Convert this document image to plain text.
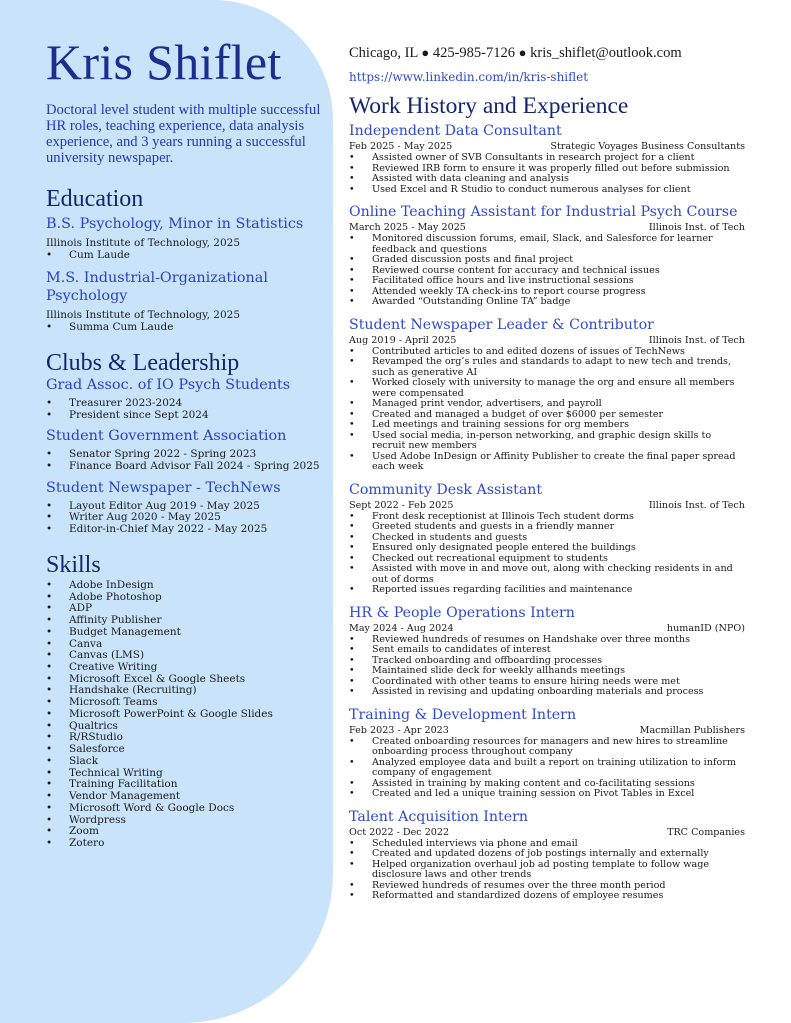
Kris Shiflet
Doctoral level student with multiple successful HR roles, teaching experience, data analysis experience, and 3 years running a successful university newspaper.
Education
B.S. Psychology, Minor in Statistics
Illinois Institute of Technology, 2025
• Cum Laude
M.S. Industrial-Organizational Psychology
Illinois Institute of Technology, 2025
• Summa Cum Laude
Clubs & Leadership
Grad Assoc. of IO Psych Students
• Treasurer 2023-2024
• President since Sept 2024
Student Government Association
• Senator Spring 2022 - Spring 2023
• Finance Board Advisor Fall 2024 - Spring 2025
Student Newspaper - TechNews
• Layout Editor Aug 2019 - May 2025
• Writer Aug 2020 - May 2025
• Editor-in-Chief May 2022 - May 2025
Skills
• Adobe InDesign
• Adobe Photoshop
• ADP
• Affinity Publisher
• Budget Management
• Canva
• Canvas (LMS)
• Creative Writing
• Microsoft Excel & Google Sheets
• Handshake (Recruiting)
• Microsoft Teams
• Microsoft PowerPoint & Google Slides
• Qualtrics
• R/RStudio
• Salesforce
• Slack
• Technical Writing
• Training Facilitation
• Vendor Management
• Microsoft Word & Google Docs
• Wordpress
• Zoom
• Zotero
Chicago, IL ● 425-985-7126 ● kris_shiflet@outlook.com
https://www.linkedin.com/in/kris-shiflet
Work History and Experience
Independent Data Consultant
Feb 2025 - May 2025	Strategic Voyages Business Consultants
• Assisted owner of SVB Consultants in research project for a client
• Reviewed IRB form to ensure it was properly filled out before submission
• Assisted with data cleaning and analysis
• Used Excel and R Studio to conduct numerous analyses for client
Online Teaching Assistant for Industrial Psych Course
March 2025 - May 2025	Illinois Inst. of Tech
• Monitored discussion forums, email, Slack, and Salesforce for learner feedback and questions
• Graded discussion posts and final project
• Reviewed course content for accuracy and technical issues
• Facilitated office hours and live instructional sessions
• Attended weekly TA check-ins to report course progress
• Awarded “Outstanding Online TA” badge
Student Newspaper Leader & Contributor
Aug 2019 - April 2025	Illinois Inst. of Tech
• Contributed articles to and edited dozens of issues of TechNews
• Revamped the org’s rules and standards to adapt to new tech and trends, such as generative AI
• Worked closely with university to manage the org and ensure all members were compensated
• Managed print vendor, advertisers, and payroll
• Created and managed a budget of over $6000 per semester
• Led meetings and training sessions for org members
• Used social media, in-person networking, and graphic design skills to recruit new members
• Used Adobe InDesign or Affinity Publisher to create the final paper spread each week
Community Desk Assistant
Sept 2022 - Feb 2025	Illinois Inst. of Tech
• Front desk receptionist at Illinois Tech student dorms
• Greeted students and guests in a friendly manner
• Checked in students and guests
• Ensured only designated people entered the buildings
• Checked out recreational equipment to students
• Assisted with move in and move out, along with checking residents in and out of dorms
• Reported issues regarding facilities and maintenance
HR & People Operations Intern
May 2024 - Aug 2024	humanID (NPO)
• Reviewed hundreds of resumes on Handshake over three months
• Sent emails to candidates of interest
• Tracked onboarding and offboarding processes
• Maintained slide deck for weekly allhands meetings
• Coordinated with other teams to ensure hiring needs were met
• Assisted in revising and updating onboarding materials and process
Training & Development Intern
Feb 2023 - Apr 2023	Macmillan Publishers
• Created onboarding resources for managers and new hires to streamline onboarding process throughout company
• Analyzed employee data and built a report on training utilization to inform company of engagement
• Assisted in training by making content and co-facilitating sessions
• Created and led a unique training session on Pivot Tables in Excel
Talent Acquisition Intern
Oct 2022 - Dec 2022	TRC Companies
• Scheduled interviews via phone and email
• Created and updated dozens of job postings internally and externally
• Helped organization overhaul job ad posting template to follow wage disclosure laws and other trends
• Reviewed hundreds of resumes over the three month period
• Reformatted and standardized dozens of employee resumes
